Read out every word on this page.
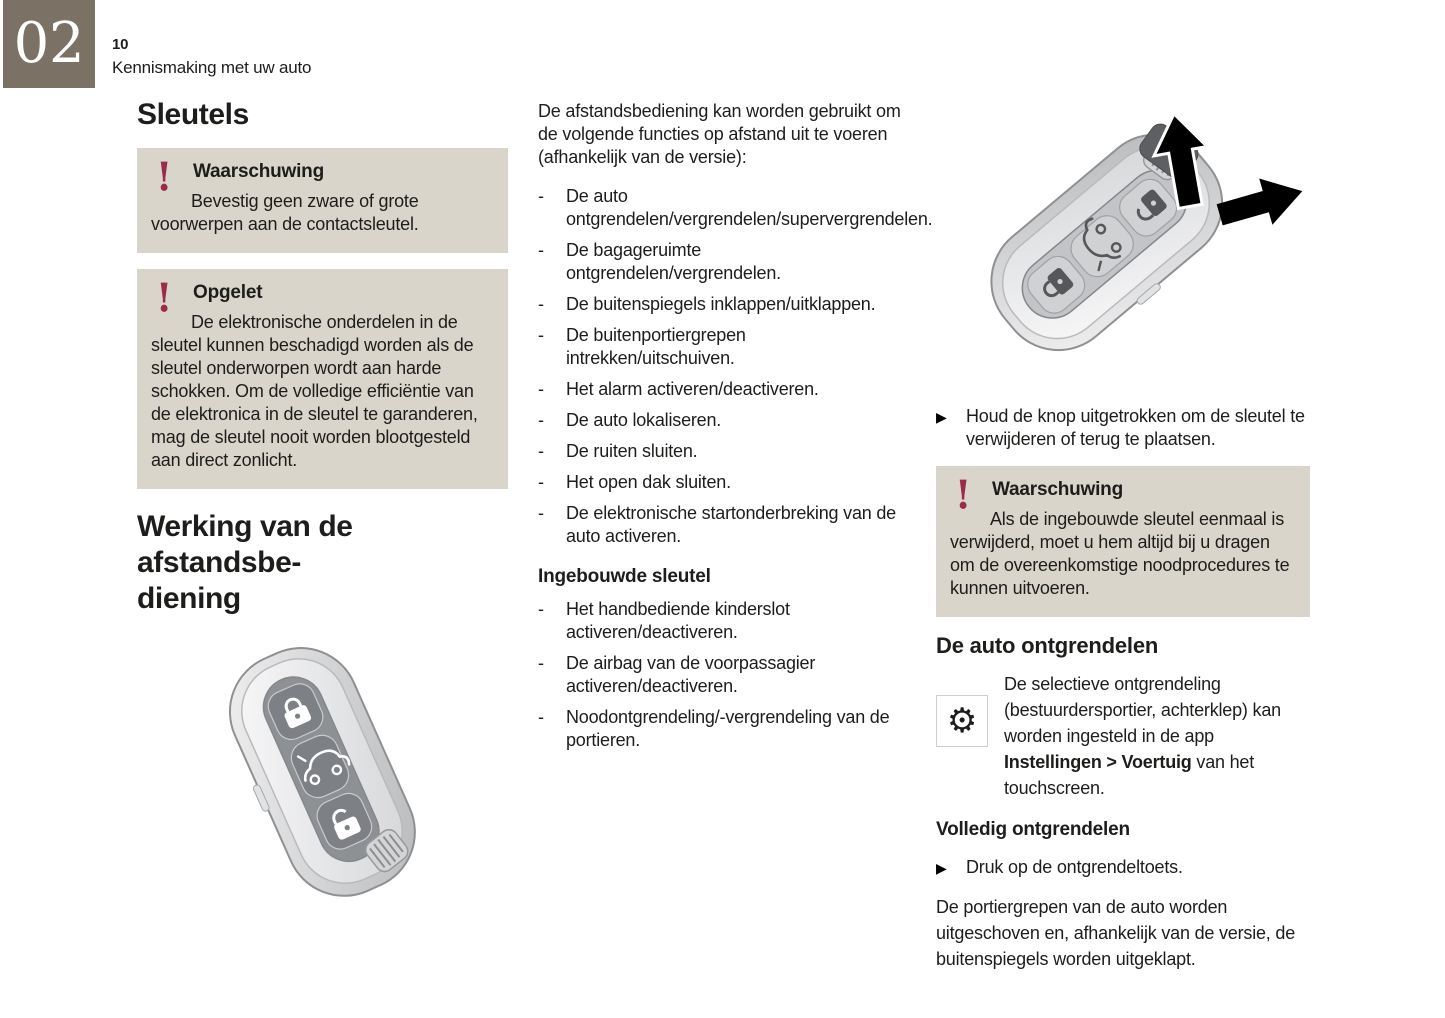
02 10
Kennismaking met uw auto
Sleutels
! Waarschuwing

Bevestig geen zware of grote voorwerpen aan de contactsleutel.

! Opgelet

De elektronische onderdelen in de sleutel kunnen beschadigd worden als de sleutel onderworpen wordt aan harde schokken. Om de volledige efficiëntie van de elektronica in de sleutel te garanderen, mag de sleutel nooit worden blootgesteld aan direct zonlicht.

Werking van de afstandsbe-
diening

De afstandsbediening kan worden gebruikt om de volgende functies op afstand uit te voeren (afhankelijk van de versie):

- De auto ontgrendelen/vergrendelen/supervergrendelen.
- De bagageruimte ontgrendelen/vergrendelen.
- De buitenspiegels inklappen/uitklappen.
- De buitenportiergrepen intrekken/uitschuiven.
- Het alarm activeren/deactiveren.
- De auto lokaliseren.
- De ruiten sluiten.
- Het open dak sluiten.
- De elektronische startonderbreking van de auto activeren.
Ingebouwde sleutel
- Het handbediende kinderslot activeren/deactiveren.
- De airbag van de voorpassagier activeren/deactiveren.
- Noodontgrendeling/-vergrendeling van de portieren.
▶ Houd de knop uitgetrokken om de sleutel te verwijderen of terug te plaatsen.
! Waarschuwing

Als de ingebouwde sleutel eenmaal is verwijderd, moet u hem altijd bij u dragen om de overeenkomstige noodprocedures te kunnen uitvoeren.

De auto ontgrendelen
⚙

De selectieve ontgrendeling (bestuurdersportier, achterklep) kan worden ingesteld in de app Instellingen > Voertuig van het touchscreen.

Volledig ontgrendelen
▶ Druk op de ontgrendeltoets.

De portiergrepen van de auto worden uitgeschoven en, afhankelijk van de versie, de buitenspiegels worden uitgeklapt.
